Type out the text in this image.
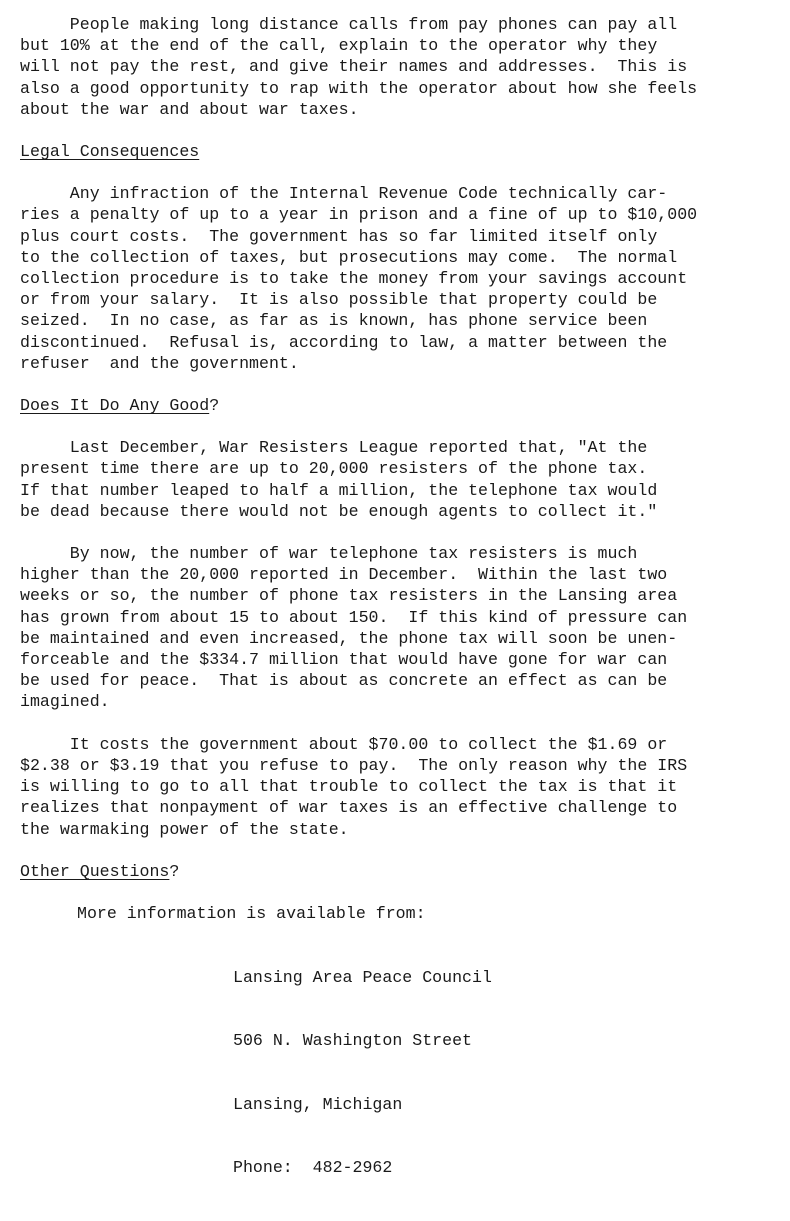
People making long distance calls from pay phones can pay all
but 10% at the end of the call, explain to the operator why they
will not pay the rest, and give their names and addresses.  This is
also a good opportunity to rap with the operator about how she feels
about the war and about war taxes.
Legal Consequences
Any infraction of the Internal Revenue Code technically car-
ries a penalty of up to a year in prison and a fine of up to $10,000
plus court costs.  The government has so far limited itself only
to the collection of taxes, but prosecutions may come.  The normal
collection procedure is to take the money from your savings account
or from your salary.  It is also possible that property could be
seized.  In no case, as far as is known, has phone service been
discontinued.  Refusal is, according to law, a matter between the
refuser  and the government.
Does It Do Any Good?
Last December, War Resisters League reported that, "At the
present time there are up to 20,000 resisters of the phone tax.
If that number leaped to half a million, the telephone tax would
be dead because there would not be enough agents to collect it."
By now, the number of war telephone tax resisters is much
higher than the 20,000 reported in December.  Within the last two
weeks or so, the number of phone tax resisters in the Lansing area
has grown from about 15 to about 150.  If this kind of pressure can
be maintained and even increased, the phone tax will soon be unen-
forceable and the $334.7 million that would have gone for war can
be used for peace.  That is about as concrete an effect as can be
imagined.
It costs the government about $70.00 to collect the $1.69 or
$2.38 or $3.19 that you refuse to pay.  The only reason why the IRS
is willing to go to all that trouble to collect the tax is that it
realizes that nonpayment of war taxes is an effective challenge to
the warmaking power of the state.
Other Questions?
More information is available from:

Lansing Area Peace Council

506 N. Washington Street

Lansing, Michigan

Phone:  482-2962
